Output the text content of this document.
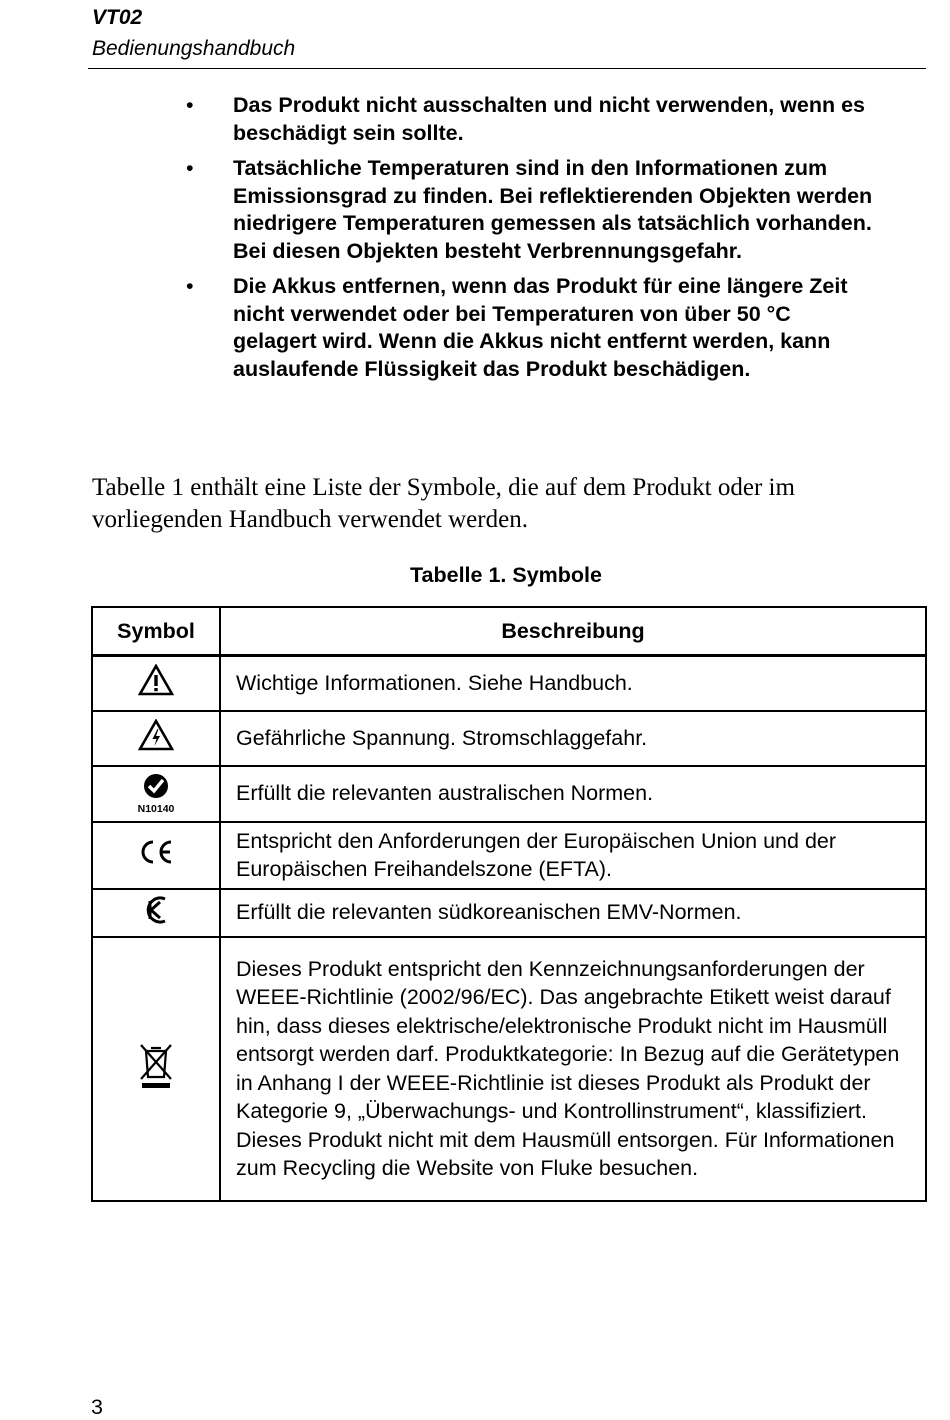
VT02
Bedienungshandbuch
• Das Produkt nicht ausschalten und nicht verwenden, wenn es beschädigt sein sollte.
• Tatsächliche Temperaturen sind in den Informationen zum Emissionsgrad zu finden. Bei reflektierenden Objekten werden niedrigere Temperaturen gemessen als tatsächlich vorhanden. Bei diesen Objekten besteht Verbrennungsgefahr.
• Die Akkus entfernen, wenn das Produkt für eine längere Zeit nicht verwendet oder bei Temperaturen von über 50 °C gelagert wird. Wenn die Akkus nicht entfernt werden, kann auslaufende Flüssigkeit das Produkt beschädigen.
Tabelle 1 enthält eine Liste der Symbole, die auf dem Produkt oder im vorliegenden Handbuch verwendet werden.
Tabelle 1. Symbole
Symbol	Beschreibung
	Wichtige Informationen. Siehe Handbuch.
	Gefährliche Spannung. Stromschlaggefahr.

N10140	Erfüllt die relevanten australischen Normen.
	Entspricht den Anforderungen der Europäischen Union und der Europäischen Freihandelszone (EFTA).
	Erfüllt die relevanten südkoreanischen EMV-Normen.
	Dieses Produkt entspricht den Kennzeichnungsanforderungen der WEEE-Richtlinie (2002/96/EC). Das angebrachte Etikett weist darauf hin, dass dieses elektrische/elektronische Produkt nicht im Hausmüll entsorgt werden darf. Produktkategorie: In Bezug auf die Gerätetypen in Anhang I der WEEE-Richtlinie ist dieses Produkt als Produkt der Kategorie 9, „Überwachungs- und Kontrollinstrument“, klassifiziert. Dieses Produkt nicht mit dem Hausmüll entsorgen. Für Informationen zum Recycling die Website von Fluke besuchen.
3
